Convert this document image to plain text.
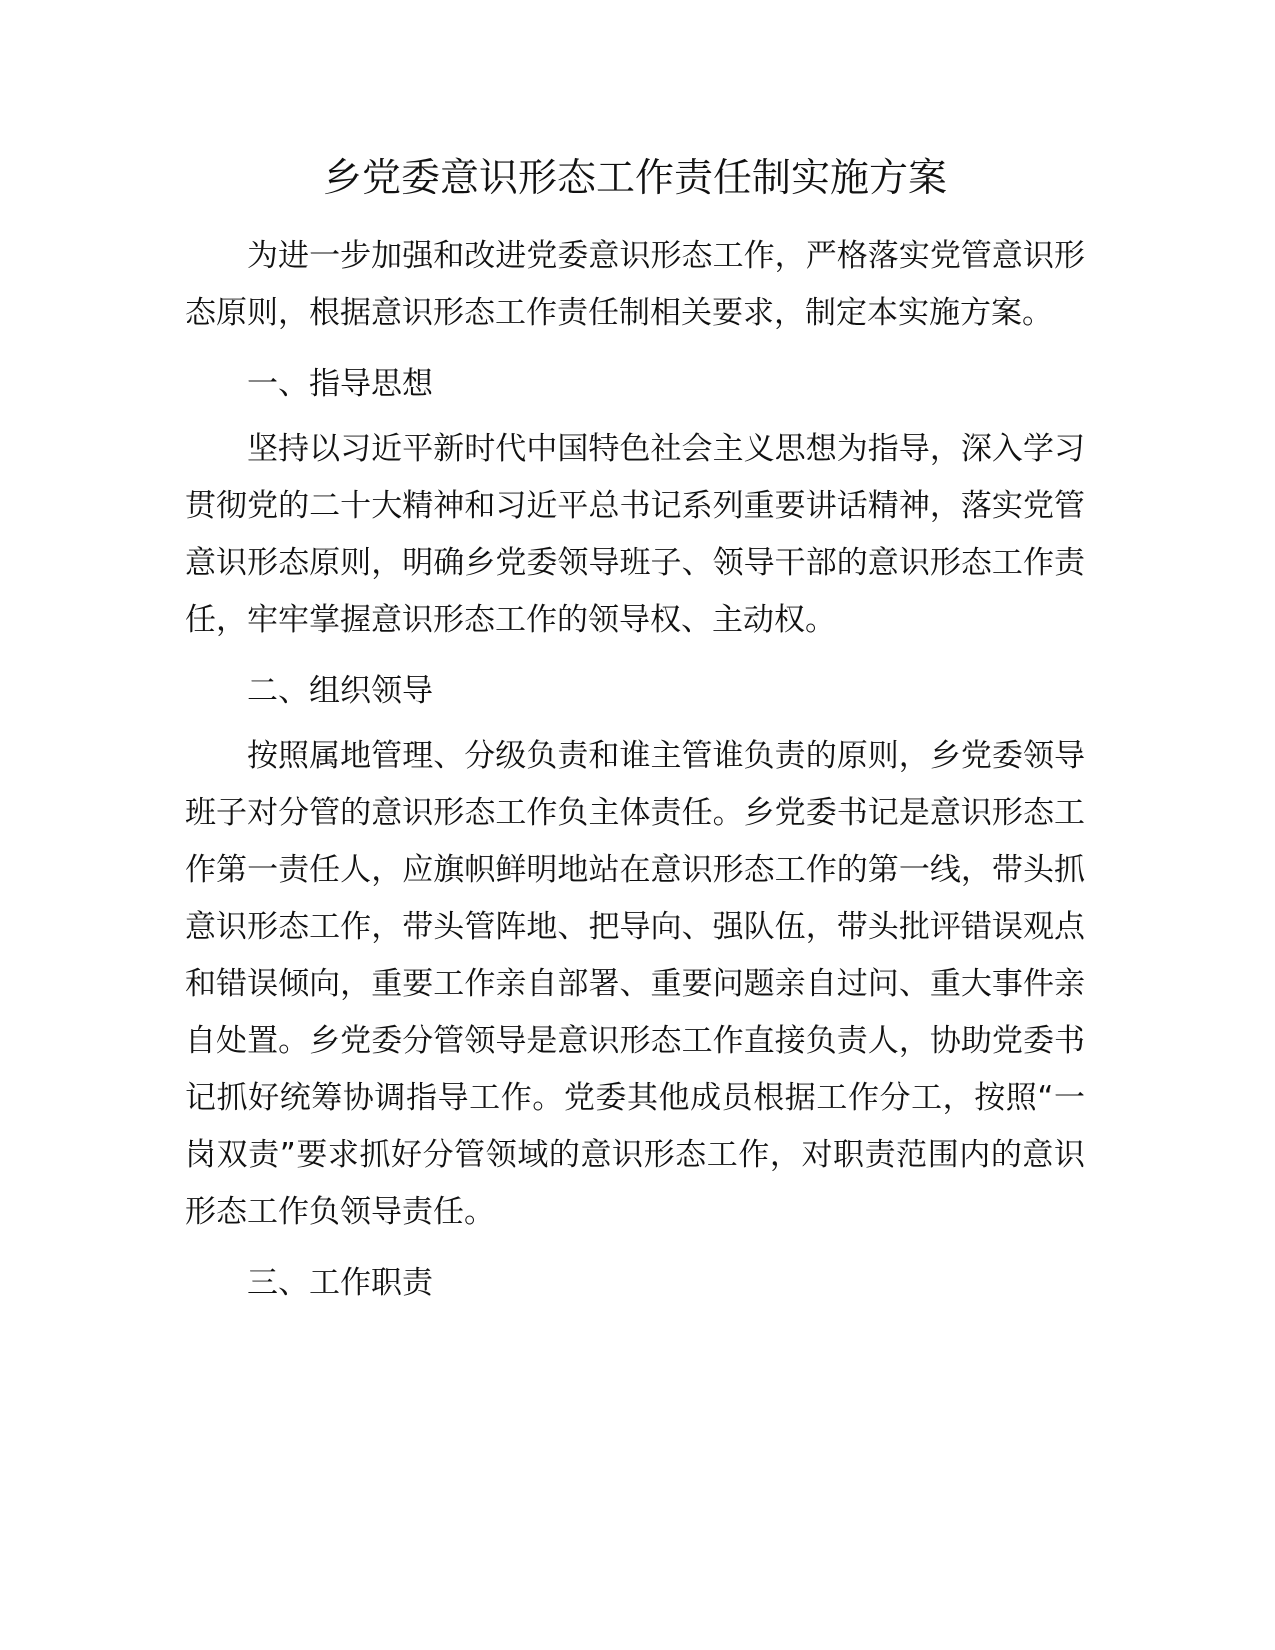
乡党委意识形态工作责任制实施方案

为进一步加强和改进党委意识形态工作，严格落实党管意识形态原则，根据意识形态工作责任制相关要求，制定本实施方案。

一、指导思想

坚持以习近平新时代中国特色社会主义思想为指导，深入学习贯彻党的二十大精神和习近平总书记系列重要讲话精神，落实党管意识形态原则，明确乡党委领导班子、领导干部的意识形态工作责任，牢牢掌握意识形态工作的领导权、主动权。

二、组织领导

按照属地管理、分级负责和谁主管谁负责的原则，乡党委领导班子对分管的意识形态工作负主体责任。乡党委书记是意识形态工作第一责任人，应旗帜鲜明地站在意识形态工作的第一线，带头抓意识形态工作，带头管阵地、把导向、强队伍，带头批评错误观点和错误倾向，重要工作亲自部署、重要问题亲自过问、重大事件亲自处置。乡党委分管领导是意识形态工作直接负责人，协助党委书记抓好统筹协调指导工作。党委其他成员根据工作分工，按照“一岗双责”要求抓好分管领域的意识形态工作，对职责范围内的意识形态工作负领导责任。

三、工作职责
